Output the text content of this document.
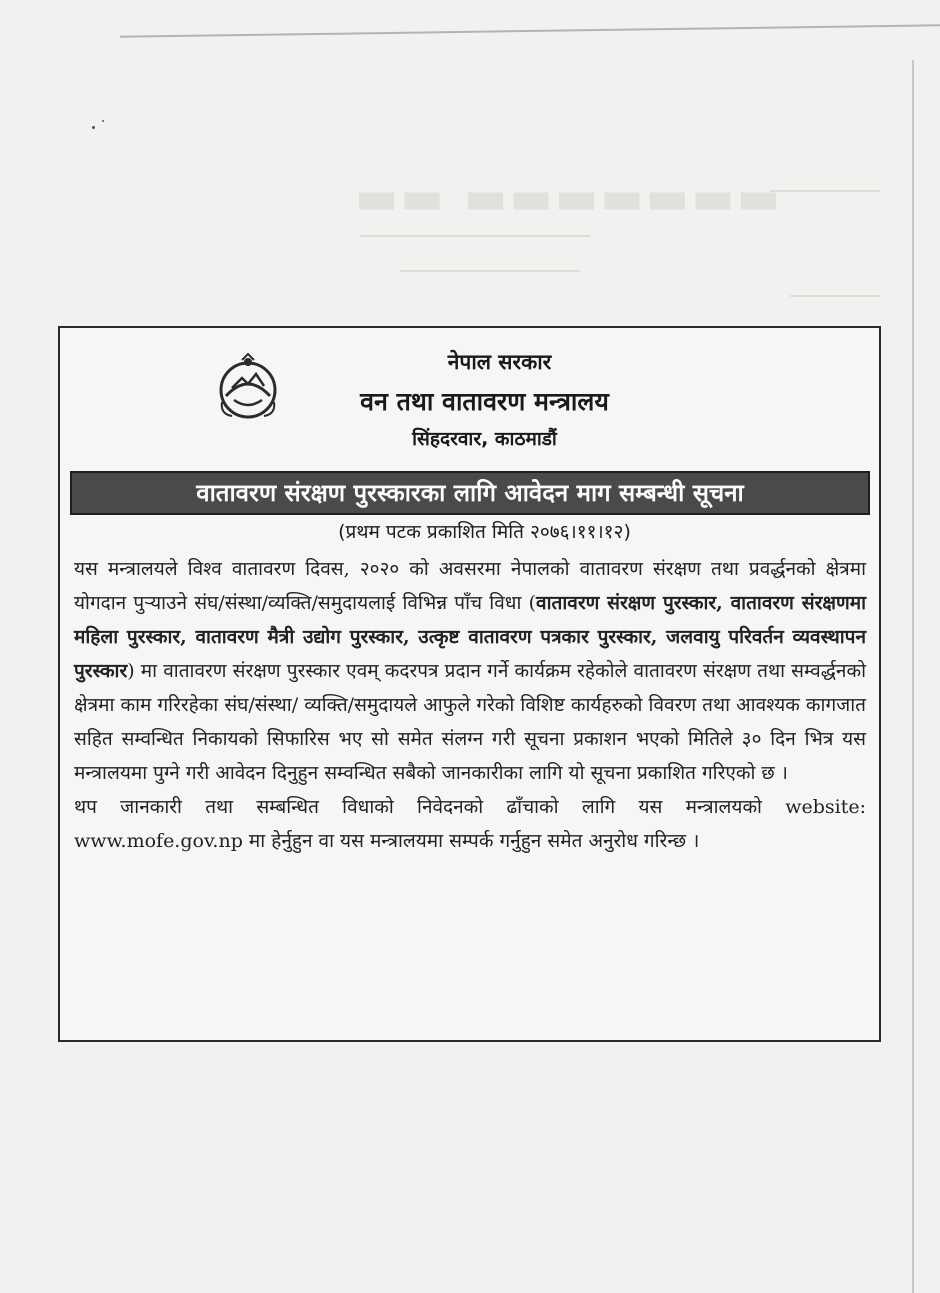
▬▬ ▬▬▬▬▬▬▬
नेपाल सरकार
वन तथा वातावरण मन्त्रालय
सिंहदरवार, काठमाडौं
वातावरण संरक्षण पुरस्कारका लागि आवेदन माग सम्बन्धी सूचना
(प्रथम पटक प्रकाशित मिति २०७६।११।१२)

यस मन्त्रालयले विश्व वातावरण दिवस, २०२० को अवसरमा नेपालको वातावरण संरक्षण तथा प्रवर्द्धनको क्षेत्रमा योगदान पुऱ्याउने संघ/संस्था/व्यक्ति/समुदायलाई विभिन्न पाँच विधा (वातावरण संरक्षण पुरस्कार, वातावरण संरक्षणमा महिला पुरस्कार, वातावरण मैत्री उद्योग पुरस्कार, उत्कृष्ट वातावरण पत्रकार पुरस्कार, जलवायु परिवर्तन व्यवस्थापन पुरस्कार) मा वातावरण संरक्षण पुरस्कार एवम् कदरपत्र प्रदान गर्ने कार्यक्रम रहेकोले वातावरण संरक्षण तथा सम्वर्द्धनको क्षेत्रमा काम गरिरहेका संघ/संस्था/ व्यक्ति/समुदायले आफुले गरेको विशिष्ट कार्यहरुको विवरण तथा आवश्यक कागजात सहित सम्वन्धित निकायको सिफारिस भए सो समेत संलग्न गरी सूचना प्रकाशन भएको मितिले ३० दिन भित्र यस मन्त्रालयमा पुग्ने गरी आवेदन दिनुहुन सम्वन्धित सबैको जानकारीका लागि यो सूचना प्रकाशित गरिएको छ ।

थप जानकारी तथा सम्बन्धित विधाको निवेदनको ढाँचाको लागि यस मन्त्रालयको website: www.mofe.gov.np मा हेर्नुहुन वा यस मन्त्रालयमा सम्पर्क गर्नुहुन समेत अनुरोध गरिन्छ ।
